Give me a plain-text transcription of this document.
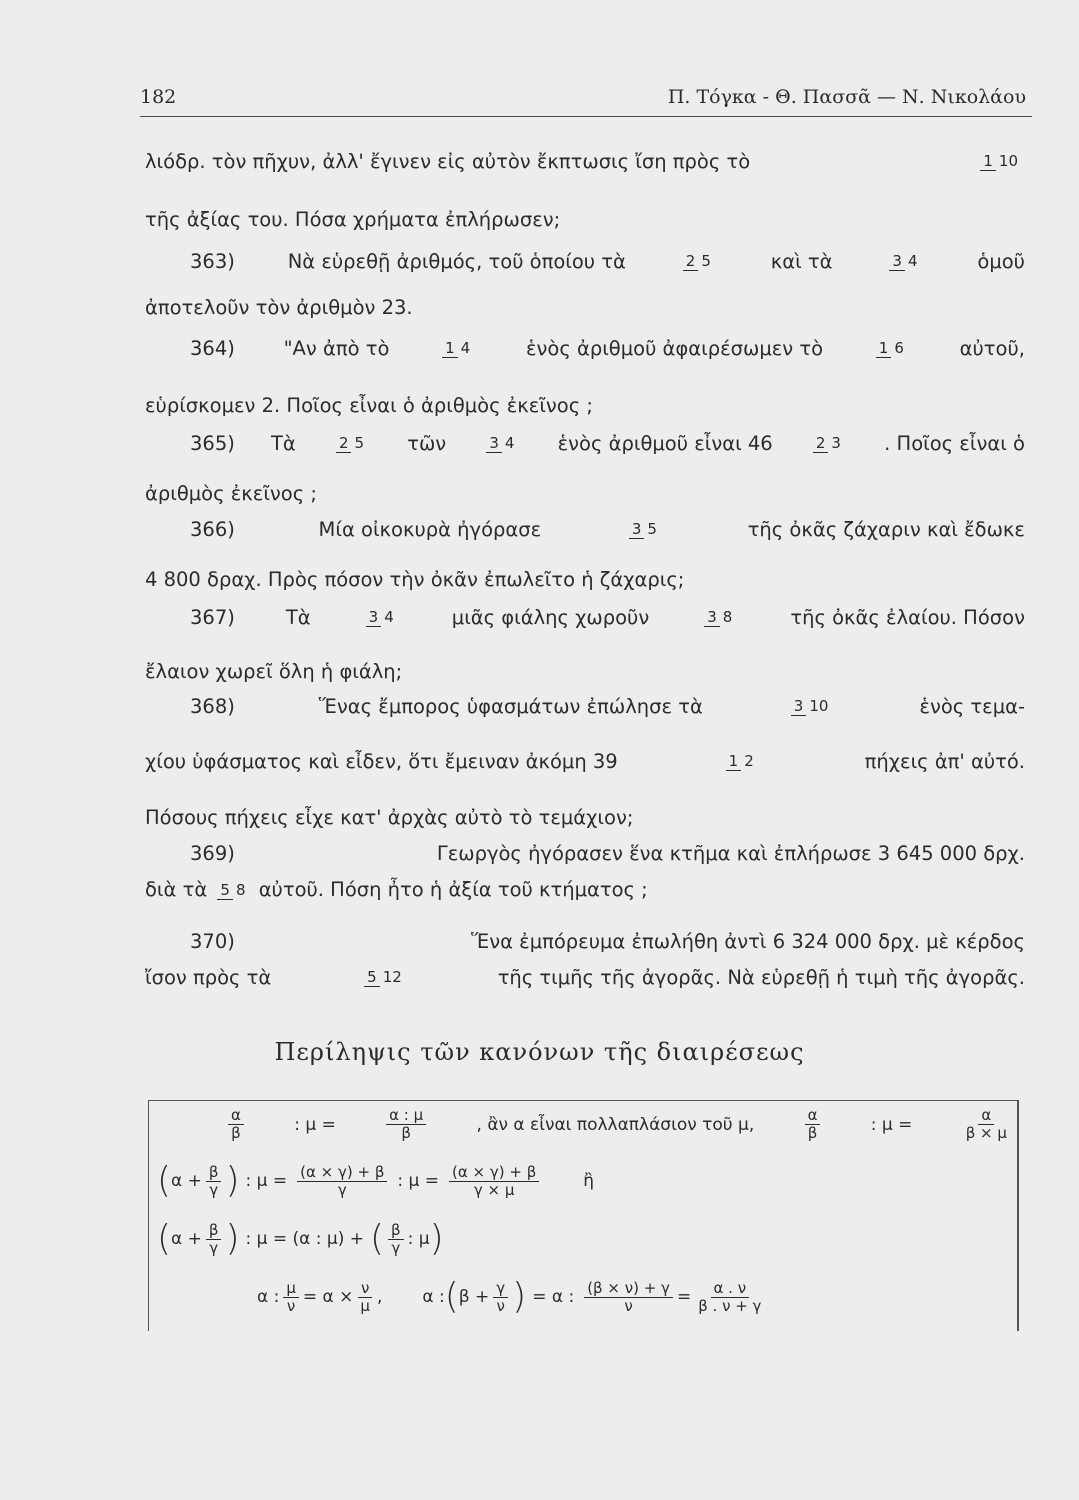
182	Π. Τόγκα - Θ. Πασσᾶ — Ν. Νικολάου
λιόδρ. τὸν πῆχυν, ἀλλ' ἔγινεν εἰς αὐτὸν ἔκπτωσις ἴση πρὸς τὸ	1 10
τῆς ἀξίας του. Πόσα χρήματα ἐπλήρωσεν;
363)	Νὰ εὑρεθῇ ἀριθμός, τοῦ ὁποίου τὰ	2 5	καὶ τὰ	3 4	ὁμοῦ
ἀποτελοῦν τὸν ἀριθμὸν 23.
364)	"Αν ἀπὸ τὸ	1 4	ἑνὸς ἀριθμοῦ ἀφαιρέσωμεν τὸ	1 6	αὐτοῦ,
εὑρίσκομεν 2. Ποῖος εἶναι ὁ ἀριθμὸς ἐκεῖνος ;
365) Τὰ	2 5 τῶν	3 4 ἑνὸς ἀριθμοῦ εἶναι 46	2 3 . Ποῖος εἶναι ὁ
ἀριθμὸς ἐκεῖνος ;
366)	Μία οἰκοκυρὰ ἠγόρασε	3 5	τῆς ὀκᾶς ζάχαριν καὶ ἔδωκε
4 800 δραχ. Πρὸς πόσον τὴν ὀκᾶν ἐπωλεῖτο ἡ ζάχαρις;
367)	Τὰ	3 4	μιᾶς φιάλης χωροῦν	3 8	τῆς ὀκᾶς ἐλαίου. Πόσον
ἔλαιον χωρεῖ ὅλη ἡ φιάλη;
368)	Ἕνας ἔμπορος ὑφασμάτων ἐπώλησε τὰ	3 10	ἑνὸς τεμα-
χίου ὑφάσματος καὶ εἶδεν, ὅτι ἔμειναν ἀκόμη 39	1 2	πήχεις ἀπ' αὐτό.
Πόσους πήχεις εἶχε κατ' ἀρχὰς αὐτὸ τὸ τεμάχιον;
369)	Γεωργὸς ἠγόρασεν ἕνα κτῆμα καὶ ἐπλήρωσε 3 645 000 δρχ.
διὰ τὰ 5 8 αὐτοῦ. Πόση ἦτο ἡ ἀξία τοῦ κτήματος ;
370)	Ἕνα ἐμπόρευμα ἐπωλήθη ἀντὶ 6 324 000 δρχ. μὲ κέρδος
ἴσον πρὸς τὰ	5 12	τῆς τιμῆς τῆς ἀγορᾶς. Νὰ εὑρεθῇ ἡ τιμὴ τῆς ἀγορᾶς.
Περίληψις τῶν κανόνων τῆς διαιρέσεως
α
β	: μ =	$\frac{\alpha : \mu}{\beta}$	, ἂν α εἶναι πολλαπλάσιον τοῦ μ,	α
β	: μ =	$\frac{\alpha}{\beta \times \mu}$
( $\alpha + \frac{\beta}{\gamma}$ ) : $\mu = \frac{(\alpha \times \gamma) + \beta}{\gamma}$ : $\mu = \frac{(\alpha \times \gamma) + \beta}{\gamma \times \mu}$	ἢ
( $\alpha + \frac{\beta}{\gamma}$ ) : μ = (α : μ) + ( β
γ : μ )
α : $\frac{\mu}{\nu} = \alpha \times \frac{\nu}{\mu}$ , α : ( $\beta + \frac{\gamma}{\nu}$ ) = α : $\frac{(\beta \times \nu) + \gamma}{\nu} = \frac{\alpha . \nu}{\beta . \nu + \gamma}$
